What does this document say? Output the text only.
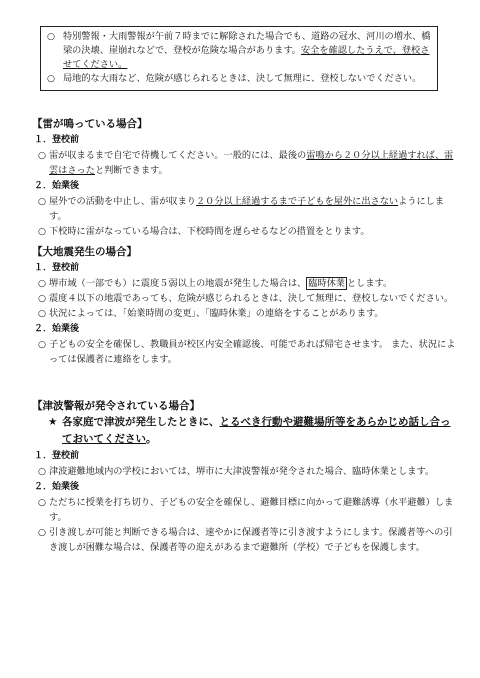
○ 特別警報・大雨警報が午前７時までに解除された場合でも、道路の冠水、河川の増水、橋梁の決壊、崖崩れなどで、登校が危険な場合があります。安全を確認したうえで、登校させてください。
○ 局地的な大雨など、危険が感じられるときは、決して無理に、登校しないでください。
【雷が鳴っている場合】
１．登校前
○ 雷が収まるまで自宅で待機してください。一般的には、最後の雷鳴から２０分以上経過すれば、雷雲はさったと判断できます。
２．始業後
○ 屋外での活動を中止し、雷が収まり２０分以上経過するまで子どもを屋外に出さないようにします。
○ 下校時に雷がなっている場合は、下校時間を遅らせるなどの措置をとります。
【大地震発生の場合】
１．登校前
○ 堺市域（一部でも）に震度５弱以上の地震が発生した場合は、 臨時休業 とします。
○ 震度４以下の地震であっても、危険が感じられるときは、決して無理に、登校しないでください。
○ 状況によっては、「始業時間の変更」、「臨時休業」の連絡をすることがあります。
２．始業後
○ 子どもの安全を確保し、教職員が校区内安全確認後、可能であれば帰宅させます。 また、状況によっては保護者に連絡をします。
【津波警報が発令されている場合】
★ 各家庭で津波が発生したときに、とるべき行動や避難場所等をあらかじめ話し合っておいてください。
１．登校前
○ 津波避難地域内の学校においては、堺市に大津波警報が発令された場合、臨時休業とします。
２．始業後
○ ただちに授業を打ち切り、子どもの安全を確保し、避難目標に向かって避難誘導（水平避難）します。
○ 引き渡しが可能と判断できる場合は、速やかに保護者等に引き渡すようにします。保護者等への引き渡しが困難な場合は、保護者等の迎えがあるまで避難所（学校）で子どもを保護します。
